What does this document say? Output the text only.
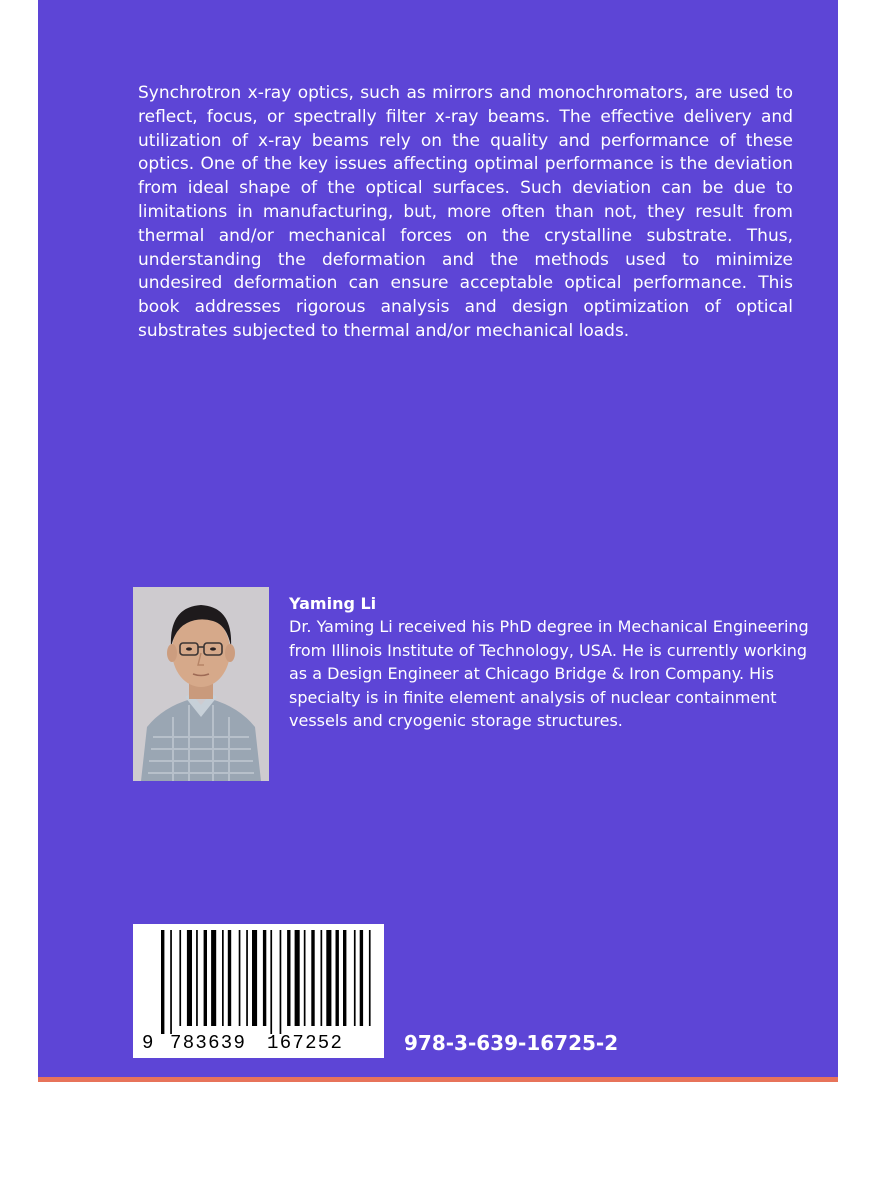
Synchrotron x-ray optics, such as mirrors and monochromators, are used to reflect, focus, or spectrally filter x-ray beams. The effective delivery and utilization of x-ray beams rely on the quality and performance of these optics. One of the key issues affecting optimal performance is the deviation from ideal shape of the optical surfaces. Such deviation can be due to limitations in manufacturing, but, more often than not, they result from thermal and/or mechanical forces on the crystalline substrate. Thus, understanding the deformation and the methods used to minimize undesired deformation can ensure acceptable optical performance. This book addresses rigorous analysis and design optimization of optical substrates subjected to thermal and/or mechanical loads.

Yaming Li

Dr. Yaming Li received his PhD degree in Mechanical Engineering from Illinois Institute of Technology, USA. He is currently working as a Design Engineer at Chicago Bridge & Iron Company. His specialty is in finite element analysis of nuclear containment vessels and cryogenic storage structures.

9 783639 167252	978-3-639-16725-2
